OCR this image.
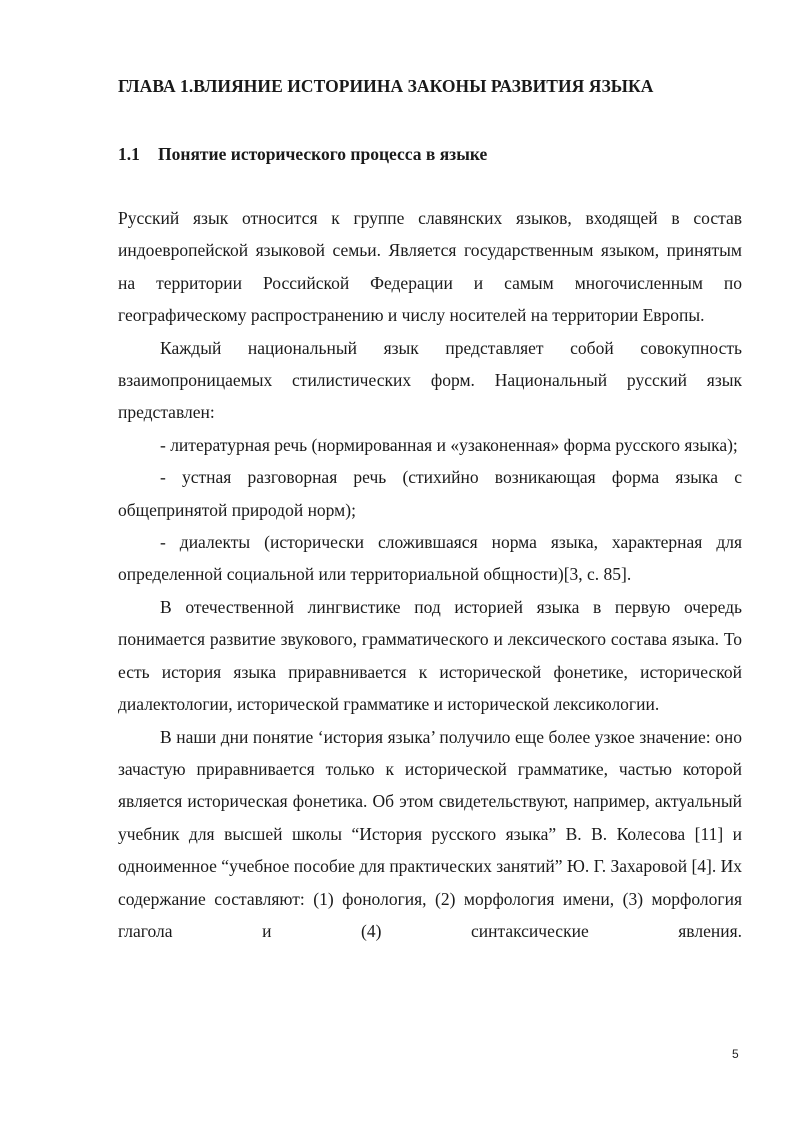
ГЛАВА 1.ВЛИЯНИЕ ИСТОРИИНА ЗАКОНЫ РАЗВИТИЯ ЯЗЫКА
1.1 Понятие исторического процесса в языке

Русский язык относится к группе славянских языков, входящей в состав индоевропейской языковой семьи. Является государственным языком, принятым на территории Российской Федерации и самым многочисленным по географическому распространению и числу носителей на территории Европы.

Каждый национальный язык представляет собой совокупность взаимопроницаемых стилистических форм. Национальный русский язык представлен:

- литературная речь (нормированная и «узаконенная» форма русского языка);

- устная разговорная речь (стихийно возникающая форма языка с общепринятой природой норм);

- диалекты (исторически сложившаяся норма языка, характерная для определенной социальной или территориальной общности)[3, с. 85].

В отечественной лингвистике под историей языка в первую очередь понимается развитие звукового, грамматического и лексического состава языка. То есть история языка приравнивается к исторической фонетике, исторической диалектологии, исторической грамматике и исторической лексикологии.

В наши дни понятие ‘история языка’ получило еще более узкое значение: оно зачастую приравнивается только к исторической грамматике, частью которой является историческая фонетика. Об этом свидетельствуют, например, актуальный учебник для высшей школы “История русского языка” В. В. Колесова [11] и одноименное “учебное пособие для практических занятий” Ю. Г. Захаровой [4]. Их содержание составляют: (1) фонология, (2) морфология имени, (3) морфология глагола и (4) синтаксические явления.

5
